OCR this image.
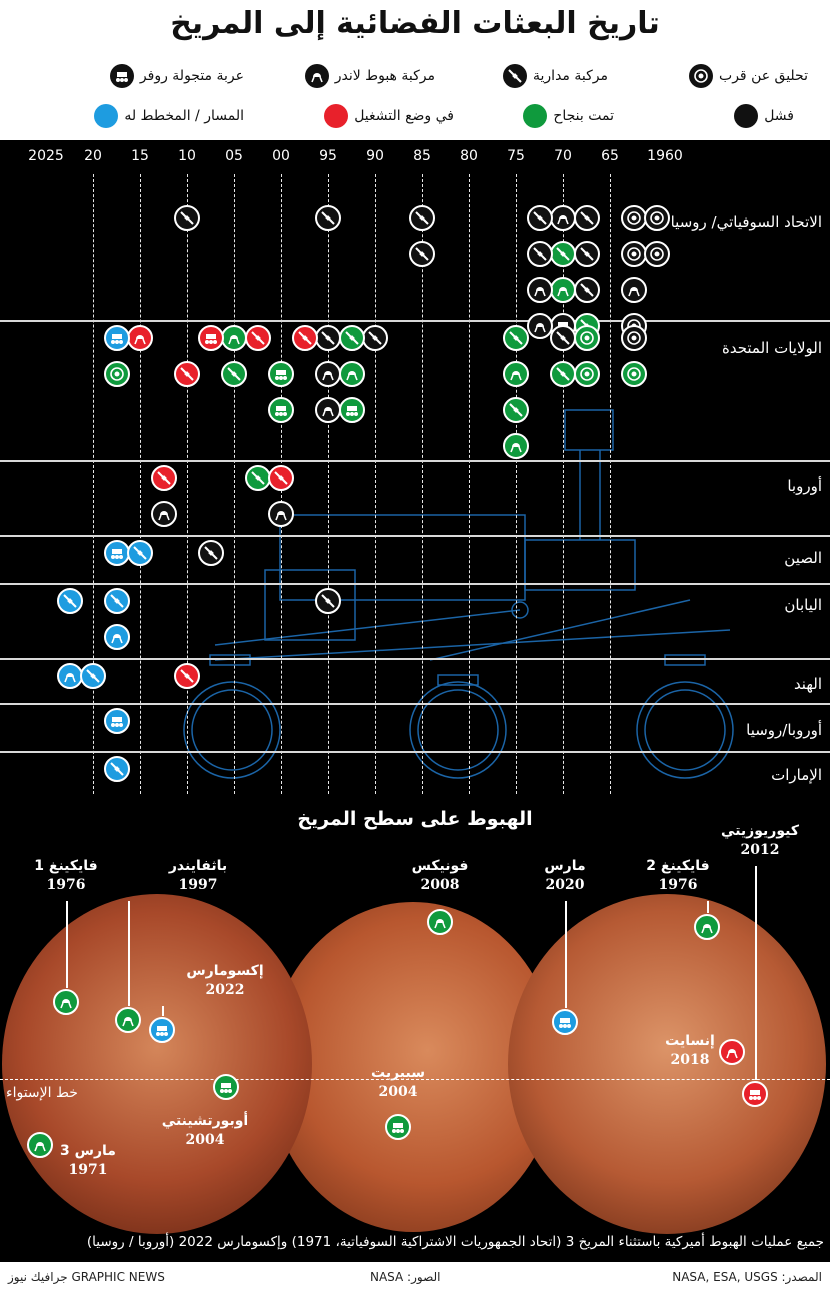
تاريخ البعثات الفضائية إلى المريخ
تحليق عن قرب
مركبة مدارية
مركبة هبوط لاندر
عربة متجولة روفر
فشل
تمت بنجاح
في وضع التشغيل
المسار / المخطط له
2025 20 15 10 05 00 95 90 85 80 75 70 65 1960
الاتحاد السوفياتي/ روسيا
الولايات المتحدة
أوروبا
الصين
اليابان
الهند
أوروبا/روسيا
الإمارات
الهبوط على سطح المريخ
خط الإستواء
فايكينغ 1
1976
باثفايندر
1997
إكسومارس
2022
أوبورتشينتي
2004
مارس 3
1971
فونيكس
2008
سبيريت
2004
مارس
2020
فايكينغ 2
1976
كيوريوزيتي
2012
إنسايت
2018
جميع عمليات الهبوط أميركية باستثناء المريخ 3 (اتحاد الجمهوريات الاشتراكية السوفياتية، 1971) وإكسومارس 2022 (أوروبا / روسيا)
المصدر: NASA, ESA, USGS
الصور: NASA
جرافيك نيوز GRAPHIC NEWS
